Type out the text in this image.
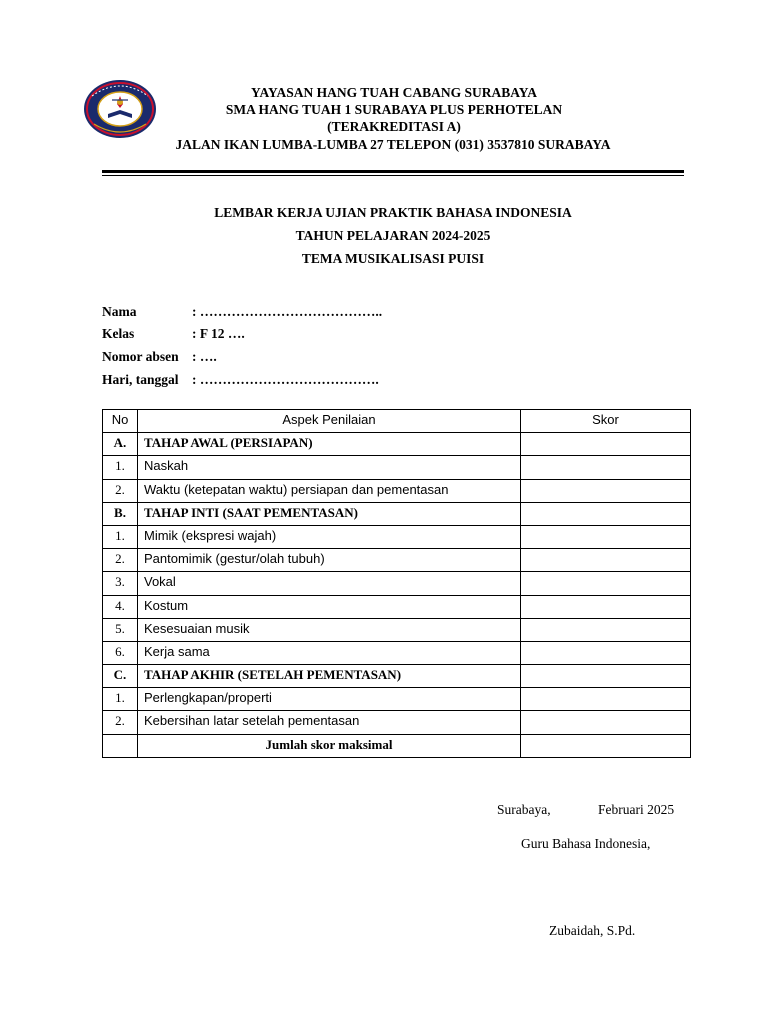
YAYASAN HANG TUAH CABANG SURABAYA
SMA HANG TUAH 1 SURABAYA PLUS PERHOTELAN
(TERAKREDITASI A)
JALAN IKAN LUMBA-LUMBA 27 TELEPON (031) 3537810 SURABAYA
LEMBAR KERJA UJIAN PRAKTIK BAHASA INDONESIA
TAHUN PELAJARAN 2024-2025
TEMA MUSIKALISASI PUISI
Nama	: …………………………………..
Kelas	: F 12 ….
Nomor absen : ….
Hari, tanggal : ………………………………….
No	Aspek Penilaian	Skor
A.	TAHAP AWAL (PERSIAPAN)	
1.	Naskah	
2.	Waktu (ketepatan waktu) persiapan dan pementasan	
B.	TAHAP INTI (SAAT PEMENTASAN)	
1.	Mimik (ekspresi wajah)	
2.	Pantomimik (gestur/olah tubuh)	
3.	Vokal	
4.	Kostum	
5.	Kesesuaian musik	
6.	Kerja sama	
C.	TAHAP AKHIR (SETELAH PEMENTASAN)	
1.	Perlengkapan/properti	
2.	Kebersihan latar setelah pementasan	
	Jumlah skor maksimal	
Surabaya,	Februari 2025
Guru Bahasa Indonesia,
Zubaidah, S.Pd.
